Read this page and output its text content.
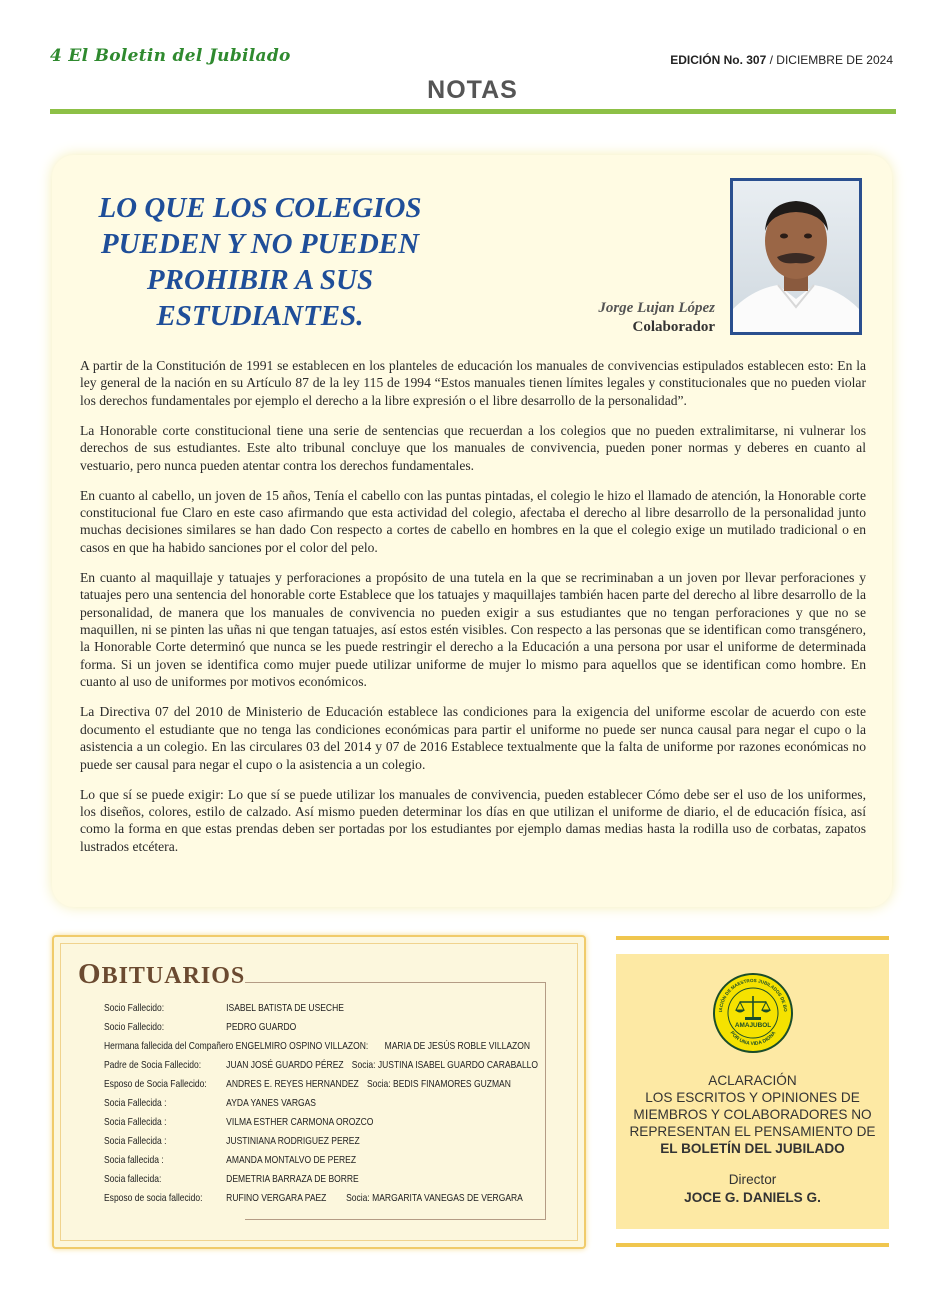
4 El Boletin del Jubilado	EDICIÓN No. 307 / DICIEMBRE DE 2024
NOTAS
LO QUE LOS COLEGIOS PUEDEN Y NO PUEDEN PROHIBIR A SUS ESTUDIANTES.	Jorge Lujan López
Colaborador

A partir de la Constitución de 1991 se establecen en los planteles de educación los manuales de convivencias estipulados establecen esto: En la ley general de la nación en su Artículo 87 de la ley 115 de 1994 “Estos manuales tienen límites legales y constitucionales que no pueden violar los derechos fundamentales por ejemplo el derecho a la libre expresión o el libre desarrollo de la personalidad”.

La Honorable corte constitucional tiene una serie de sentencias que recuerdan a los colegios que no pueden extralimitarse, ni vulnerar los derechos de sus estudiantes. Este alto tribunal concluye que los manuales de convivencia, pueden poner normas y deberes en cuanto al vestuario, pero nunca pueden atentar contra los derechos fundamentales.

En cuanto al cabello, un joven de 15 años, Tenía el cabello con las puntas pintadas, el colegio le hizo el llamado de atención, la Honorable corte constitucional fue Claro en este caso afirmando que esta actividad del colegio, afectaba el derecho al libre desarrollo de la personalidad junto muchas decisiones similares se han dado Con respecto a cortes de cabello en hombres en la que el colegio exige un mutilado tradicional o en casos en que ha habido sanciones por el color del pelo.

En cuanto al maquillaje y tatuajes y perforaciones a propósito de una tutela en la que se recriminaban a un joven por llevar perforaciones y tatuajes pero una sentencia del honorable corte Establece que los tatuajes y maquillajes también hacen parte del derecho al libre desarrollo de la personalidad, de manera que los manuales de convivencia no pueden exigir a sus estudiantes que no tengan perforaciones y que no se maquillen, ni se pinten las uñas ni que tengan tatuajes, así estos estén visibles. Con respecto a las personas que se identifican como transgénero, la Honorable Corte determinó que nunca se les puede restringir el derecho a la Educación a una persona por usar el uniforme de determinada forma. Si un joven se identifica como mujer puede utilizar uniforme de mujer lo mismo para aquellos que se identifican como hombre. En cuanto al uso de uniformes por motivos económicos.

La Directiva 07 del 2010 de Ministerio de Educación establece las condiciones para la exigencia del uniforme escolar de acuerdo con este documento el estudiante que no tenga las condiciones económicas para partir el uniforme no puede ser nunca causal para negar el cupo o la asistencia a un colegio. En las circulares 03 del 2014 y 07 de 2016 Establece textualmente que la falta de uniforme por razones económicas no puede ser causal para negar el cupo o la asistencia a un colegio.

Lo que sí se puede exigir: Lo que sí se puede utilizar los manuales de convivencia, pueden establecer Cómo debe ser el uso de los uniformes, los diseños, colores, estilo de calzado. Así mismo pueden determinar los días en que utilizan el uniforme de diario, el de educación física, así como la forma en que estas prendas deben ser portadas por los estudiantes por ejemplo damas medias hasta la rodilla uso de corbatas, zapatos lustrados etcétera.

OBITUARIOS
Socio Fallecido:	ISABEL BATISTA DE USECHE
Socio Fallecido:	PEDRO GUARDO
Hermana fallecida del Compañero ENGELMIRO OSPINO VILLAZON: MARIA DE JESÚS ROBLE VILLAZON
Padre de Socia Fallecido: JUAN JOSÉ GUARDO PÉREZ Socia: JUSTINA ISABEL GUARDO CARABALLO
Esposo de Socia Fallecido: ANDRES E. REYES HERNANDEZ Socia: BEDIS FINAMORES GUZMAN
Socia Fallecida :	AYDA YANES VARGAS
Socia Fallecida :	VILMA ESTHER CARMONA OROZCO
Socia Fallecida :	JUSTINIANA RODRIGUEZ PEREZ
Socia fallecida :	AMANDA MONTALVO DE PEREZ
Socia fallecida:	DEMETRIA BARRAZA DE BORRE
Esposo de socia fallecido: RUFINO VERGARA PAEZ Socia: MARGARITA VANEGAS DE VERGARA
IACIÓN DE MAESTROS JUBILADOS DE BO
POR UNA VIDA DIGNA
AMAJUBOL
ACLARACIÓN
LOS ESCRITOS Y OPINIONES DE
MIEMBROS Y COLABORADORES NO
REPRESENTAN EL PENSAMIENTO DE
EL BOLETÍN DEL JUBILADO
Director
JOCE G. DANIELS G.
